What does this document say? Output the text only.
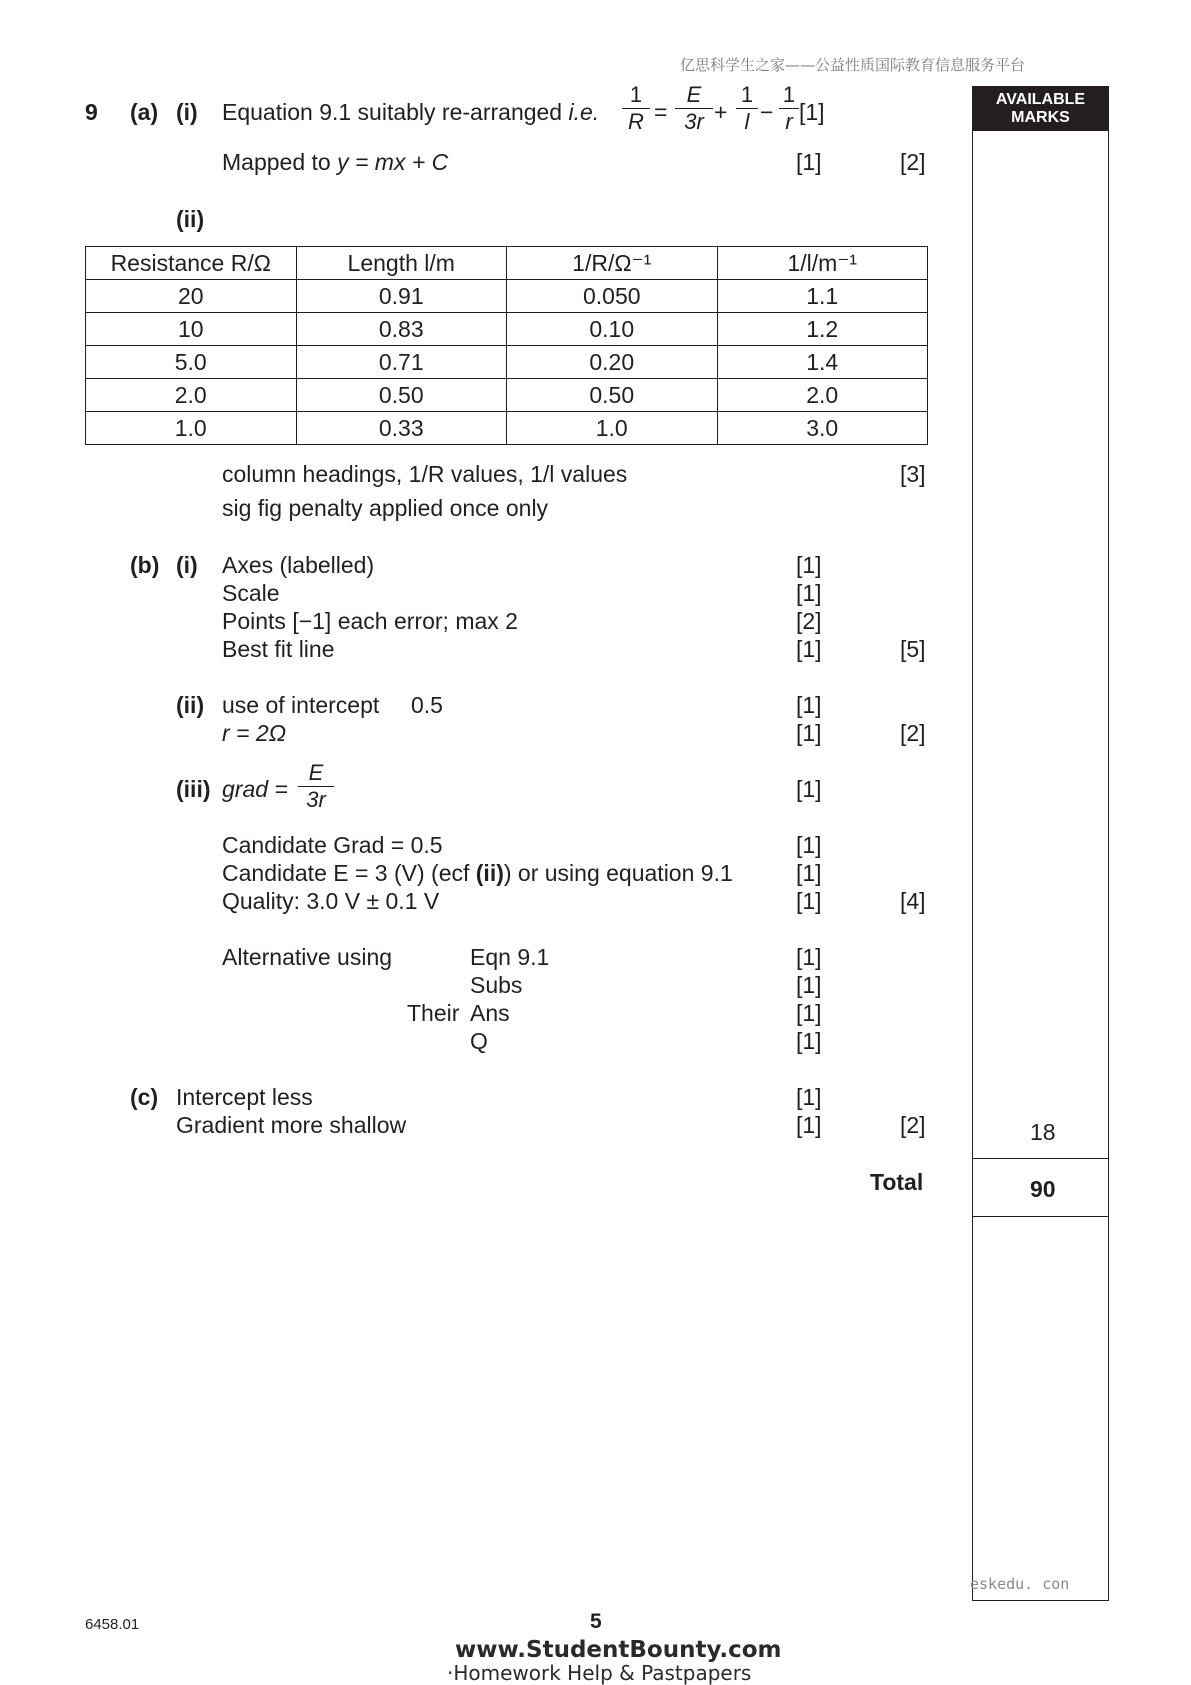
亿思科学生之家——公益性质国际教育信息服务平台
AVAILABLE MARKS
18
90
9 (a) (i) Equation 9.1 suitably re-arranged i.e.
1
R =
E
3r +
1
l −
1
r [1]
Mapped to y = mx + C	[1]	[2]
(ii)
Resistance R/Ω	Length l/m	1/R/Ω⁻¹	1/l/m⁻¹
20	0.91	0.050	1.1
10	0.83	0.10	1.2
5.0	0.71	0.20	1.4
2.0	0.50	0.50	2.0
1.0	0.33	1.0	3.0
column headings, 1/R values, 1/l values	[3]
sig fig penalty applied once only
(b) (i) Axes (labelled)	[1]
Scale	[1]
Points [−1] each error; max 2	[2]
Best fit line	[1]	[5]
(ii) use of intercept 0.5	[1]
r = 2Ω	[1]	[2]
(iii) grad =
E
3r	[1]
Candidate Grad = 0.5	[1]
Candidate E = 3 (V) (ecf (ii)) or using equation 9.1	[1]
Quality: 3.0 V ± 0.1 V	[1]	[4]
Alternative using	Eqn 9.1	[1]
Subs	[1]
Their Ans	[1]
Q	[1]
(c) Intercept less	[1]
Gradient more shallow	[1]	[2]
Total
eskedu. con
6458.01	5
www.StudentBounty.com
·Homework Help & Pastpapers
